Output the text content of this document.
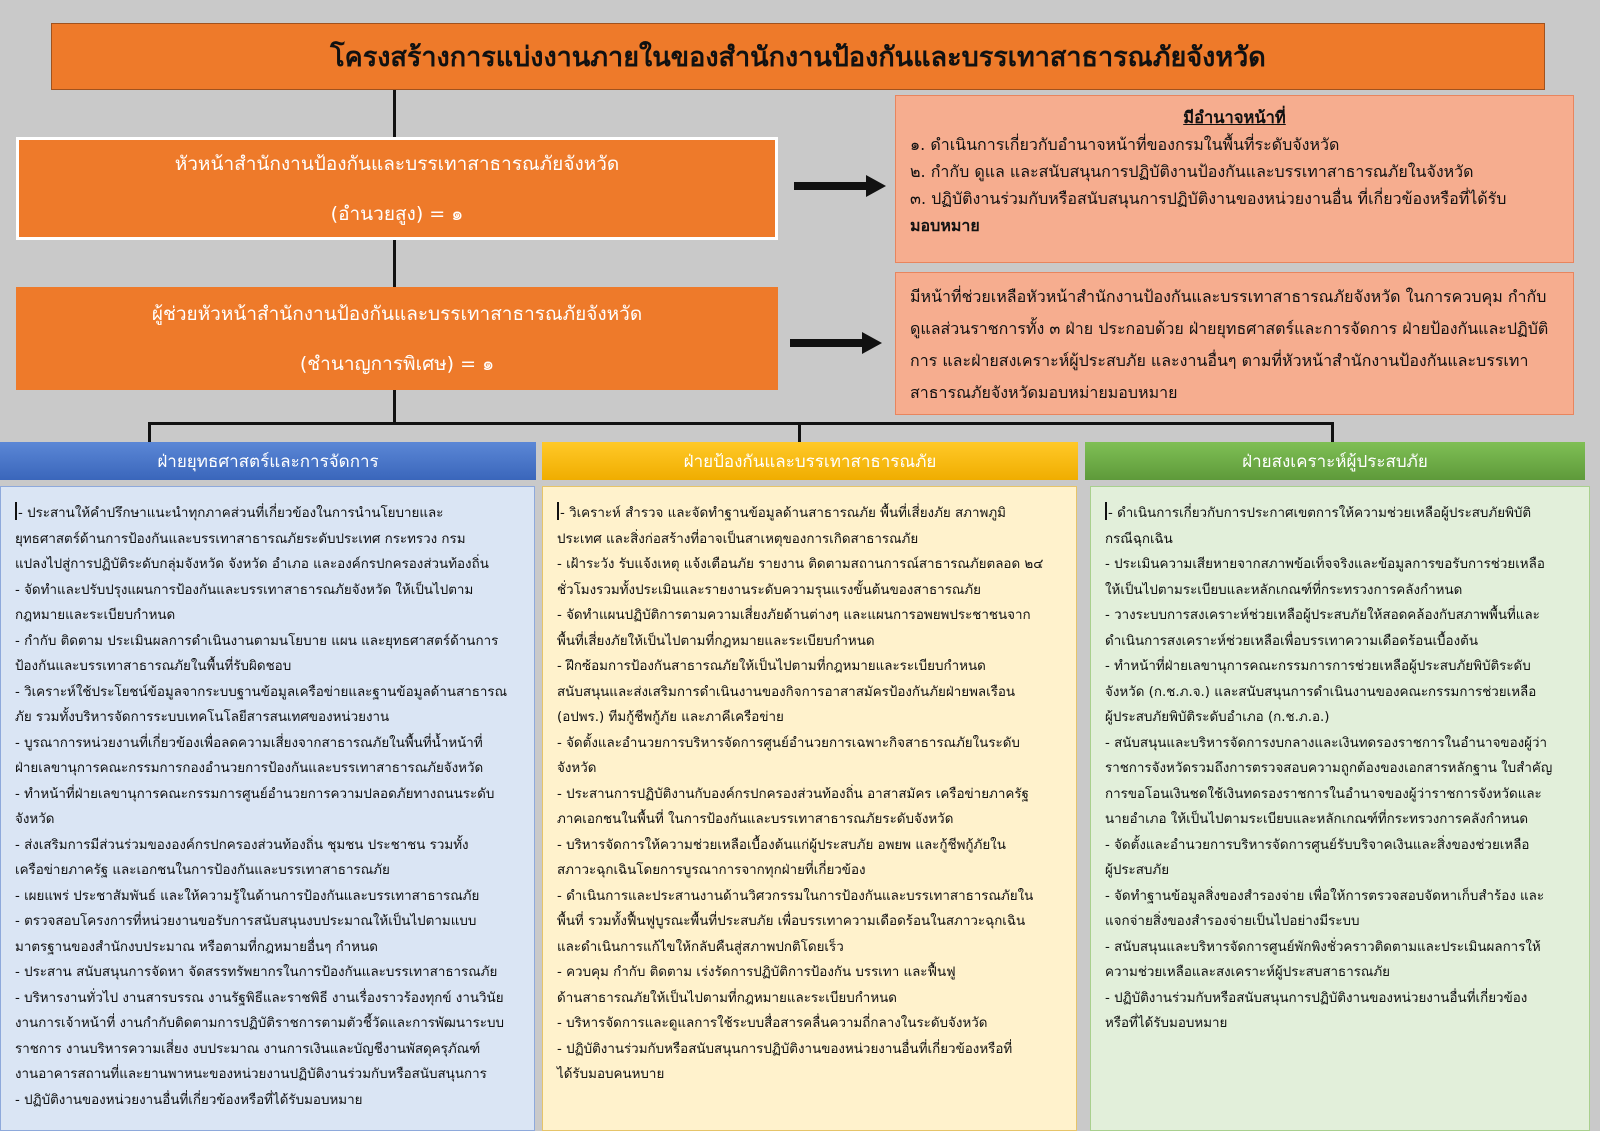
โครงสร้างการแบ่งงานภายในของสำนักงานป้องกันและบรรเทาสาธารณภัยจังหวัด
หัวหน้าสำนักงานป้องกันและบรรเทาสาธารณภัยจังหวัด
(อำนวยสูง) = ๑
ผู้ช่วยหัวหน้าสำนักงานป้องกันและบรรเทาสาธารณภัยจังหวัด
(ชำนาญการพิเศษ) = ๑
มีอำนาจหน้าที่
๑. ดำเนินการเกี่ยวกับอำนาจหน้าที่ของกรมในพื้นที่ระดับจังหวัด
๒. กำกับ ดูแล และสนับสนุนการปฏิบัติงานป้องกันและบรรเทาสาธารณภัยในจังหวัด
๓. ปฏิบัติงานร่วมกับหรือสนับสนุนการปฏิบัติงานของหน่วยงานอื่น ที่เกี่ยวข้องหรือที่ได้รับ
มอบหมาย
มีหน้าที่ช่วยเหลือหัวหน้าสำนักงานป้องกันและบรรเทาสาธารณภัยจังหวัด ในการควบคุม กำกับ ดูแลส่วนราชการทั้ง ๓ ฝ่าย ประกอบด้วย ฝ่ายยุทธศาสตร์และการจัดการ ฝ่ายป้องกันและปฏิบัติการ และฝ่ายสงเคราะห์ผู้ประสบภัย และงานอื่นๆ ตามที่หัวหน้าสำนักงานป้องกันและบรรเทาสาธารณภัยจังหวัดมอบหม่ายมอบหมาย
ฝ่ายยุทธศาสตร์และการจัดการ
- ประสานให้คำปรึกษาแนะนำทุกภาคส่วนที่เกี่ยวข้องในการนำนโยบายและ

ยุทธศาสตร์ด้านการป้องกันและบรรเทาสาธารณภัยระดับประเทศ กระทรวง กรม
แปลงไปสู่การปฏิบัติระดับกลุ่มจังหวัด จังหวัด อำเภอ และองค์กรปกครองส่วนท้องถิ่น
- จัดทำและปรับปรุงแผนการป้องกันและบรรเทาสาธารณภัยจังหวัด ให้เป็นไปตาม
กฎหมายและระเบียบกำหนด
- กำกับ ติดตาม ประเมินผลการดำเนินงานตามนโยบาย แผน และยุทธศาสตร์ด้านการ
ป้องกันและบรรเทาสาธารณภัยในพื้นที่รับผิดชอบ
- วิเคราะห์ใช้ประโยชน์ข้อมูลจากระบบฐานข้อมูลเครือข่ายและฐานข้อมูลด้านสาธารณ
ภัย รวมทั้งบริหารจัดการระบบเทคโนโลยีสารสนเทศของหน่วยงาน
- บูรณาการหน่วยงานที่เกี่ยวข้องเพื่อลดความเสี่ยงจากสาธารณภัยในพื้นที่น้ำหน้าที่
ฝ่ายเลขานุการคณะกรรมการกองอำนวยการป้องกันและบรรเทาสาธารณภัยจังหวัด
- ทำหน้าที่ฝ่ายเลขานุการคณะกรรมการศูนย์อำนวยการความปลอดภัยทางถนนระดับ
จังหวัด
- ส่งเสริมการมีส่วนร่วมขององค์กรปกครองส่วนท้องถิ่น ชุมชน ประชาชน รวมทั้ง
เครือข่ายภาครัฐ และเอกชนในการป้องกันและบรรเทาสาธารณภัย
- เผยแพร่ ประชาสัมพันธ์ และให้ความรู้ในด้านการป้องกันและบรรเทาสาธารณภัย
- ตรวจสอบโครงการที่หน่วยงานขอรับการสนับสนุนงบประมาณให้เป็นไปตามแบบ
มาตรฐานของสำนักงบประมาณ หรือตามที่กฎหมายอื่นๆ กำหนด
- ประสาน สนับสนุนการจัดหา จัดสรรทรัพยากรในการป้องกันและบรรเทาสาธารณภัย
- บริหารงานทั่วไป งานสารบรรณ งานรัฐพิธีและราชพิธี งานเรื่องราวร้องทุกข์ งานวินัย
งานการเจ้าหน้าที่ งานกำกับติดตามการปฏิบัติราชการตามตัวชี้วัดและการพัฒนาระบบ
ราชการ งานบริหารความเสี่ยง งบประมาณ งานการเงินและบัญชีงานพัสดุครุภัณฑ์
งานอาคารสถานที่และยานพาหนะของหน่วยงานปฏิบัติงานร่วมกับหรือสนับสนุนการ
- ปฏิบัติงานของหน่วยงานอื่นที่เกี่ยวข้องหรือที่ได้รับมอบหมาย
ฝ่ายป้องกันและบรรเทาสาธารณภัย
- วิเคราะห์ สำรวจ และจัดทำฐานข้อมูลด้านสาธารณภัย พื้นที่เสี่ยงภัย สภาพภูมิ

ประเทศ และสิ่งก่อสร้างที่อาจเป็นสาเหตุของการเกิดสาธารณภัย
- เฝ้าระวัง รับแจ้งเหตุ แจ้งเตือนภัย รายงาน ติดตามสถานการณ์สาธารณภัยตลอด ๒๔
ชั่วโมงรวมทั้งประเมินและรายงานระดับความรุนแรงขั้นต้นของสาธารณภัย
- จัดทำแผนปฏิบัติการตามความเสี่ยงภัยด้านต่างๆ และแผนการอพยพประชาชนจาก
พื้นที่เสี่ยงภัยให้เป็นไปตามที่กฎหมายและระเบียบกำหนด
- ฝึกซ้อมการป้องกันสาธารณภัยให้เป็นไปตามที่กฎหมายและระเบียบกำหนด
สนับสนุนและส่งเสริมการดำเนินงานของกิจการอาสาสมัครป้องกันภัยฝ่ายพลเรือน
(อปพร.) ทีมกู้ชีพกู้ภัย และภาคีเครือข่าย
- จัดตั้งและอำนวยการบริหารจัดการศูนย์อำนวยการเฉพาะกิจสาธารณภัยในระดับ
จังหวัด
- ประสานการปฏิบัติงานกับองค์กรปกครองส่วนท้องถิ่น อาสาสมัคร เครือข่ายภาครัฐ
ภาคเอกชนในพื้นที่ ในการป้องกันและบรรเทาสาธารณภัยระดับจังหวัด
- บริหารจัดการให้ความช่วยเหลือเบื้องต้นแก่ผู้ประสบภัย อพยพ และกู้ชีพกู้ภัยใน
สภาวะฉุกเฉินโดยการบูรณาการจากทุกฝ่ายที่เกี่ยวข้อง
- ดำเนินการและประสานงานด้านวิศวกรรมในการป้องกันและบรรเทาสาธารณภัยใน
พื้นที่ รวมทั้งฟื้นฟูบูรณะพื้นที่ประสบภัย เพื่อบรรเทาความเดือดร้อนในสภาวะฉุกเฉิน
และดำเนินการแก้ไขให้กลับคืนสู่สภาพปกติโดยเร็ว
- ควบคุม กำกับ ติดตาม เร่งรัดการปฏิบัติการป้องกัน บรรเทา และฟื้นฟู
ด้านสาธารณภัยให้เป็นไปตามที่กฎหมายและระเบียบกำหนด
- บริหารจัดการและดูแลการใช้ระบบสื่อสารคลื่นความถี่กลางในระดับจังหวัด
- ปฏิบัติงานร่วมกับหรือสนับสนุนการปฏิบัติงานของหน่วยงานอื่นที่เกี่ยวข้องหรือที่
ได้รับมอบคนหบาย
ฝ่ายสงเคราะห์ผู้ประสบภัย
- ดำเนินการเกี่ยวกับการประกาศเขตการให้ความช่วยเหลือผู้ประสบภัยพิบัติ

กรณีฉุกเฉิน
- ประเมินความเสียหายจากสภาพข้อเท็จจริงและข้อมูลการขอรับการช่วยเหลือ
ให้เป็นไปตามระเบียบและหลักเกณฑ์ที่กระทรวงการคลังกำหนด
- วางระบบการสงเคราะห์ช่วยเหลือผู้ประสบภัยให้สอดคล้องกับสภาพพื้นที่และ
ดำเนินการสงเคราะห์ช่วยเหลือเพื่อบรรเทาความเดือดร้อนเบื้องต้น
- ทำหน้าที่ฝ่ายเลขานุการคณะกรรมการการช่วยเหลือผู้ประสบภัยพิบัติระดับ
จังหวัด (ก.ช.ภ.จ.) และสนับสนุนการดำเนินงานของคณะกรรมการช่วยเหลือ
ผู้ประสบภัยพิบัติระดับอำเภอ (ก.ช.ภ.อ.)
- สนับสนุนและบริหารจัดการงบกลางและเงินทดรองราชการในอำนาจของผู้ว่า
ราชการจังหวัดรวมถึงการตรวจสอบความถูกต้องของเอกสารหลักฐาน ใบสำคัญ
การขอโอนเงินชดใช้เงินทดรองราชการในอำนาจของผู้ว่าราชการจังหวัดและ
นายอำเภอ ให้เป็นไปตามระเบียบและหลักเกณฑ์ที่กระทรวงการคลังกำหนด
- จัดตั้งและอำนวยการบริหารจัดการศูนย์รับบริจาคเงินและสิ่งของช่วยเหลือ
ผู้ประสบภัย
- จัดทำฐานข้อมูลสิ่งของสำรองจ่าย เพื่อให้การตรวจสอบจัดหาเก็บสำร้อง และ
แจกจ่ายสิ่งของสำรองจ่ายเป็นไปอย่างมีระบบ
- สนับสนุนและบริหารจัดการศูนย์พักพิงชั่วคราวติดตามและประเมินผลการให้
ความช่วยเหลือและสงเคราะห์ผู้ประสบสาธารณภัย
- ปฏิบัติงานร่วมกับหรือสนับสนุนการปฏิบัติงานของหน่วยงานอื่นที่เกี่ยวข้อง
หรือที่ได้รับมอบหมาย
